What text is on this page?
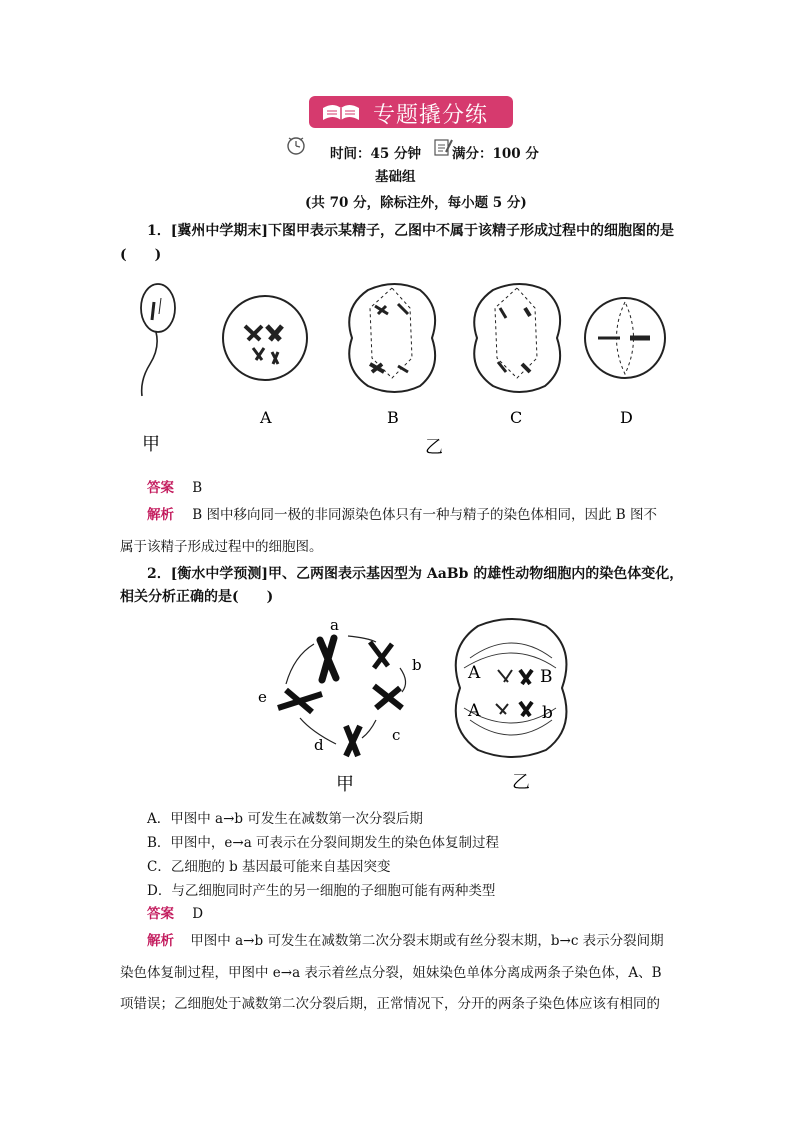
专题撬分练
时间：45 分钟 满分：100 分
基础组
(共 70 分，除标注外，每小题 5 分)
1．[冀州中学期末]下图甲表示某精子，乙图中不属于该精子形成过程中的细胞图的是
(　　)
甲
A	B	C	D
乙
答案 B
解析 B 图中移向同一极的非同源染色体只有一种与精子的染色体相同，因此 B 图不
属于该精子形成过程中的细胞图。
2．[衡水中学预测]甲、乙两图表示基因型为 AaBb 的雄性动物细胞内的染色体变化，
相关分析正确的是(　　)
a
b
c
d
e
甲
A	B
A	b
乙
A．甲图中 a→b 可发生在减数第一次分裂后期
B．甲图中，e→a 可表示在分裂间期发生的染色体复制过程
C．乙细胞的 b 基因最可能来自基因突变
D．与乙细胞同时产生的另一细胞的子细胞可能有两种类型
答案 D
解析 甲图中 a→b 可发生在减数第二次分裂末期或有丝分裂末期，b→c 表示分裂间期
染色体复制过程，甲图中 e→a 表示着丝点分裂，姐妹染色单体分离成两条子染色体，A、B
项错误；乙细胞处于减数第二次分裂后期，正常情况下，分开的两条子染色体应该有相同的
